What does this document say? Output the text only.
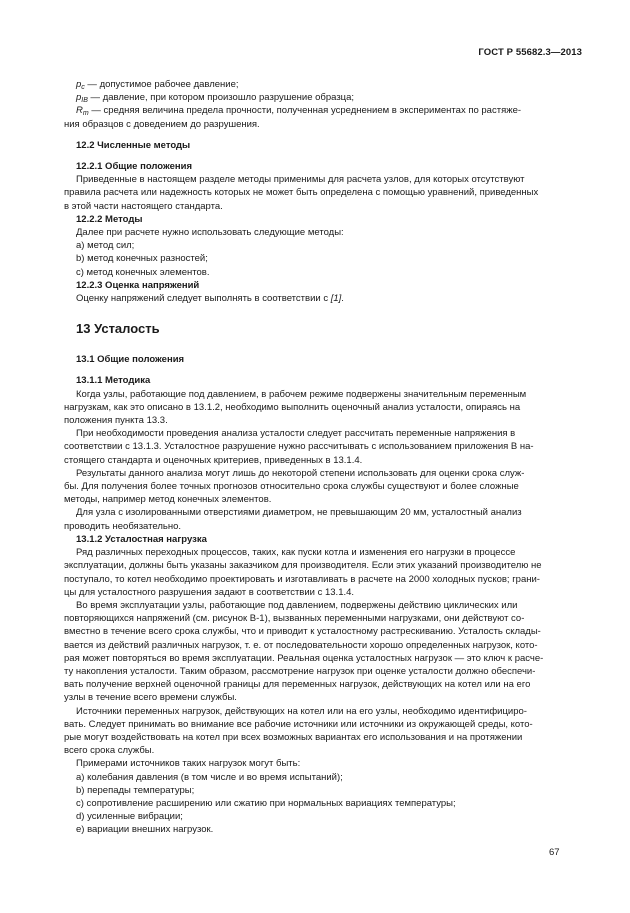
ГОСТ Р 55682.3—2013

$p_c$ — допустимое рабочее давление;

$p_{IB}$ — давление, при котором произошло разрушение образца;

$R_m$ — средняя величина предела прочности, полученная усреднением в экспериментах по растяже-

ния образцов с доведением до разрушения.

12.2 Численные методы

12.2.1 Общие положения

Приведенные в настоящем разделе методы применимы для расчета узлов, для которых отсутствуют

правила расчета или надежность которых не может быть определена с помощью уравнений, приведенных

в этой части настоящего стандарта.

12.2.2 Методы

Далее при расчете нужно использовать следующие методы:

a) метод сил;

b) метод конечных разностей;

c) метод конечных элементов.

12.2.3 Оценка напряжений

Оценку напряжений следует выполнять в соответствии с [1].

13 Усталость

13.1 Общие положения

13.1.1 Методика

Когда узлы, работающие под давлением, в рабочем режиме подвержены значительным переменным

нагрузкам, как это описано в 13.1.2, необходимо выполнить оценочный анализ усталости, опираясь на

положения пункта 13.3.

При необходимости проведения анализа усталости следует рассчитать переменные напряжения в

соответствии с 13.1.3. Усталостное разрушение нужно рассчитывать с использованием приложения В на-

стоящего стандарта и оценочных критериев, приведенных в 13.1.4.

Результаты данного анализа могут лишь до некоторой степени использовать для оценки срока служ-

бы. Для получения более точных прогнозов относительно срока службы существуют и более сложные

методы, например метод конечных элементов.

Для узла с изолированными отверстиями диаметром, не превышающим 20 мм, усталостный анализ

проводить необязательно.

13.1.2 Усталостная нагрузка

Ряд различных переходных процессов, таких, как пуски котла и изменения его нагрузки в процессе

эксплуатации, должны быть указаны заказчиком для производителя. Если этих указаний производителю не

поступало, то котел необходимо проектировать и изготавливать в расчете на 2000 холодных пусков; грани-

цы для усталостного разрушения задают в соответствии с 13.1.4.

Во время эксплуатации узлы, работающие под давлением, подвержены действию циклических или

повторяющихся напряжений (см. рисунок В-1), вызванных переменными нагрузками, они действуют со-

вместно в течение всего срока службы, что и приводит к усталостному растрескиванию. Усталость склады-

вается из действий различных нагрузок, т. е. от последовательности хорошо определенных нагрузок, кото-

рая может повторяться во время эксплуатации. Реальная оценка усталостных нагрузок — это ключ к расче-

ту накопления усталости. Таким образом, рассмотрение нагрузок при оценке усталости должно обеспечи-

вать получение верхней оценочной границы для переменных нагрузок, действующих на котел или на его

узлы в течение всего времени службы.

Источники переменных нагрузок, действующих на котел или на его узлы, необходимо идентифициро-

вать. Следует принимать во внимание все рабочие источники или источники из окружающей среды, кото-

рые могут воздействовать на котел при всех возможных вариантах его использования и на протяжении

всего срока службы.

Примерами источников таких нагрузок могут быть:

a) колебания давления (в том числе и во время испытаний);

b) перепады температуры;

c) сопротивление расширению или сжатию при нормальных вариациях температуры;

d) усиленные вибрации;

e) вариации внешних нагрузок.

67
